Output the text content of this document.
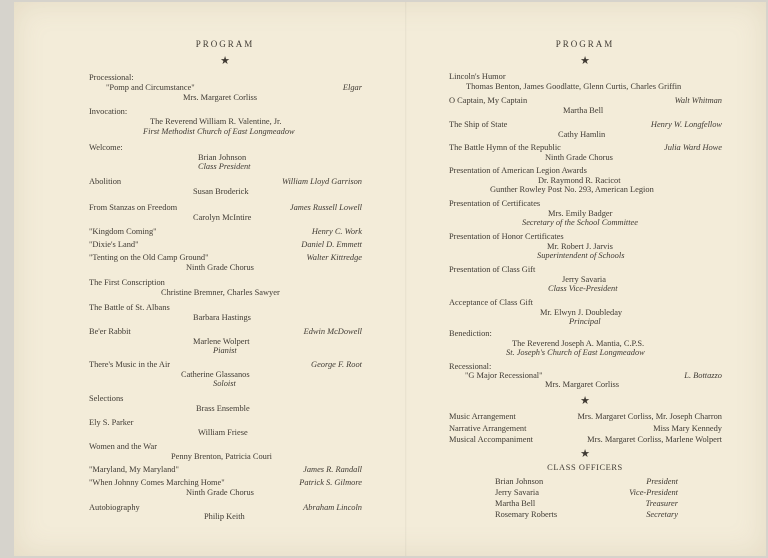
PROGRAM
★
Processional:
"Pomp and Circumstance"	Elgar
Mrs. Margaret Corliss
Invocation:
The Reverend William R. Valentine, Jr.
First Methodist Church of East Longmeadow
Welcome:
Brian Johnson
Class President
Abolition	William Lloyd Garrison
Susan Broderick
From Stanzas on Freedom	James Russell Lowell
Carolyn McIntire
"Kingdom Coming"	Henry C. Work
"Dixie's Land"	Daniel D. Emmett
"Tenting on the Old Camp Ground"	Walter Kittredge
Ninth Grade Chorus
The First Conscription
Christine Bremner, Charles Sawyer
The Battle of St. Albans
Barbara Hastings
Be'er Rabbit	Edwin McDowell
Marlene Wolpert
Pianist
There's Music in the Air	George F. Root
Catherine Glassanos
Soloist
Selections
Brass Ensemble
Ely S. Parker
William Friese
Women and the War
Penny Brenton, Patricia Couri
"Maryland, My Maryland"	James R. Randall
"When Johnny Comes Marching Home"	Patrick S. Gilmore
Ninth Grade Chorus
Autobiography	Abraham Lincoln
Philip Keith
PROGRAM
★
Lincoln's Humor
Thomas Benton, James Goodlatte, Glenn Curtis, Charles Griffin
O Captain, My Captain	Walt Whitman
Martha Bell
The Ship of State	Henry W. Longfellow
Cathy Hamlin
The Battle Hymn of the Republic	Julia Ward Howe
Ninth Grade Chorus
Presentation of American Legion Awards
Dr. Raymond R. Racicot
Gunther Rowley Post No. 293, American Legion
Presentation of Certificates
Mrs. Emily Badger
Secretary of the School Committee
Presentation of Honor Certificates
Mr. Robert J. Jarvis
Superintendent of Schools
Presentation of Class Gift
Jerry Savaria
Class Vice-President
Acceptance of Class Gift
Mr. Elwyn J. Doubleday
Principal
Benediction:
The Reverend Joseph A. Mantia, C.P.S.
St. Joseph's Church of East Longmeadow
Recessional:
"G Major Recessional"	L. Bottazzo
Mrs. Margaret Corliss
★
Music Arrangement	Mrs. Margaret Corliss, Mr. Joseph Charron
Narrative Arrangement	Miss Mary Kennedy
Musical Accompaniment	Mrs. Margaret Corliss, Marlene Wolpert
★
CLASS OFFICERS
Brian Johnson	President
Jerry Savaria	Vice-President
Martha Bell	Treasurer
Rosemary Roberts	Secretary
